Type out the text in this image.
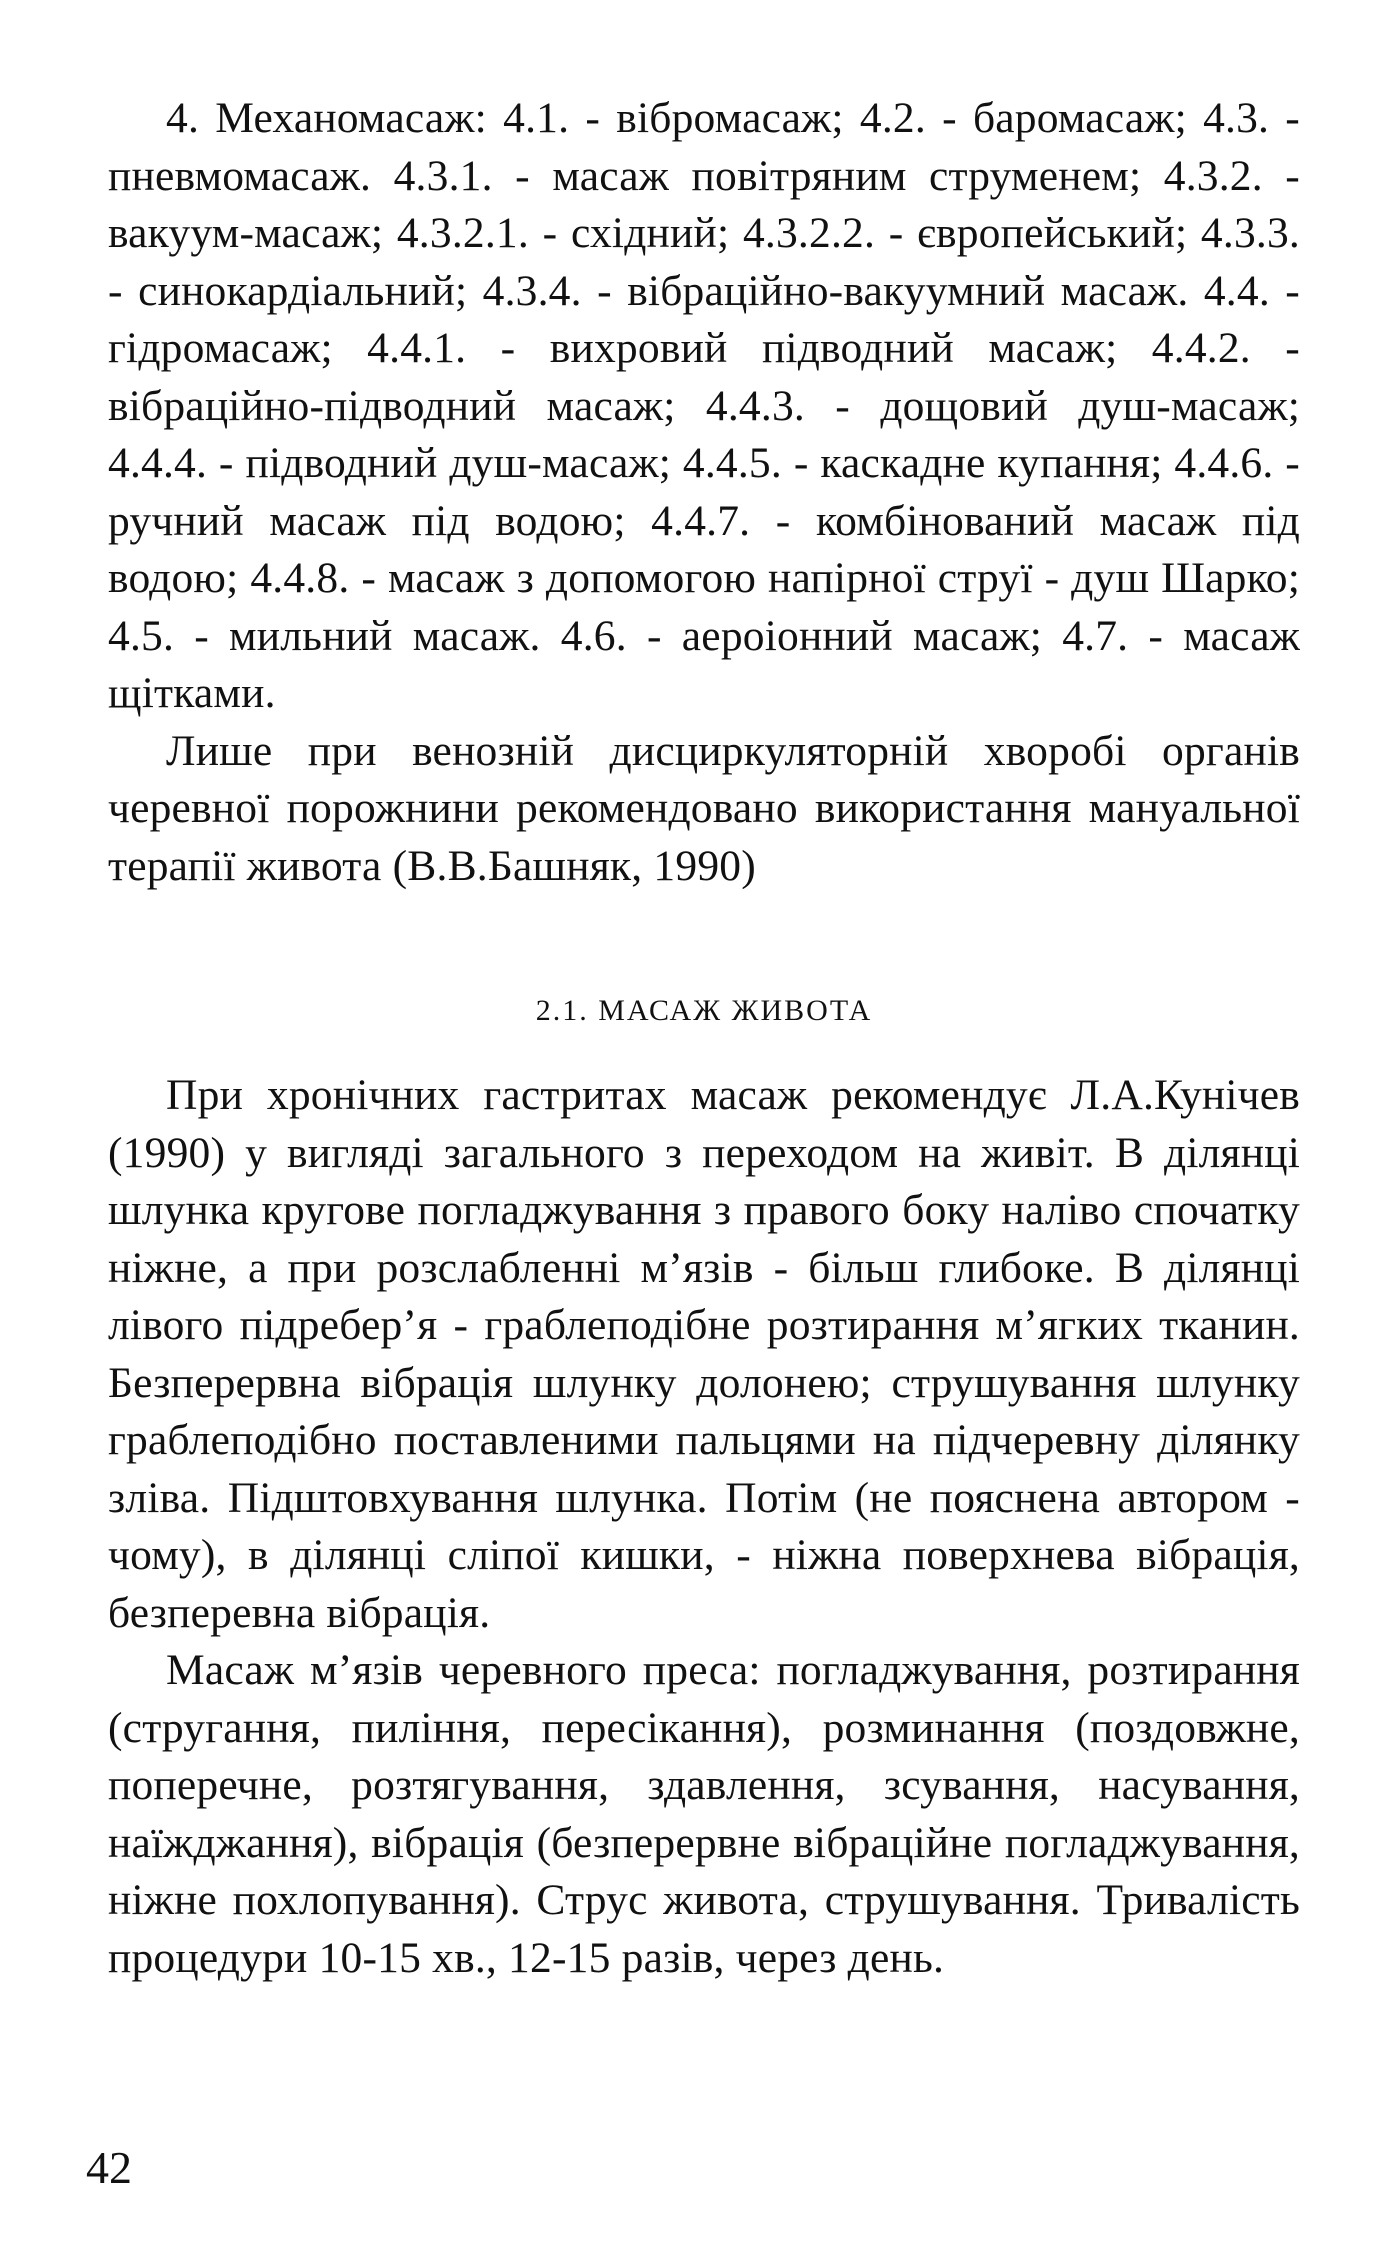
4. Механомасаж: 4.1. - вібромасаж; 4.2. - баромасаж; 4.3. - пневмомасаж. 4.3.1. - масаж повітряним струменем; 4.3.2. - вакуум-масаж; 4.3.2.1. - східний; 4.3.2.2. - європейський; 4.3.3. - синокардіальний; 4.3.4. - вібраційно-вакуумний масаж. 4.4. - гідромасаж; 4.4.1. - вихровий підводний масаж; 4.4.2. - вібраційно-підводний масаж; 4.4.3. - дощовий душ-масаж; 4.4.4. - підводний душ-масаж; 4.4.5. - каскадне купання; 4.4.6. - ручний масаж під водою; 4.4.7. - комбінований масаж під водою; 4.4.8. - масаж з допомогою напірної струї - душ Шарко; 4.5. - мильний масаж. 4.6. - аероіонний масаж; 4.7. - масаж щітками.

Лише при венозній дисциркуляторній хворобі органів черевної порожнини рекомендовано використання мануальної терапії живота (В.В.Башняк, 1990)

2.1. МАСАЖ ЖИВОТА

При хронічних гастритах масаж рекомендує Л.А.Кунічев (1990) у вигляді загального з переходом на живіт. В ділянці шлунка кругове погладжування з правого боку наліво спочатку ніжне, а при розслабленні м’язів - більш глибоке. В ділянці лівого підребер’я - граблеподібне розтирання м’ягких тканин. Безперервна вібрація шлунку долонею; струшування шлунку граблеподібно поставленими пальцями на підчеревну ділянку зліва. Підштовхування шлунка. Потім (не пояснена автором - чому), в ділянці сліпої кишки, - ніжна поверхнева вібрація, безперевна вібрація.

Масаж м’язів черевного преса: погладжування, розтирання (стругання, пиління, пересікання), розминання (поздовжне, поперечне, розтягування, здавлення, зсування, насування, наїжджання), вібрація (безперервне вібраційне погладжування, ніжне похлопування). Струс живота, струшування. Тривалість процедури 10-15 хв., 12-15 разів, через день.

42
